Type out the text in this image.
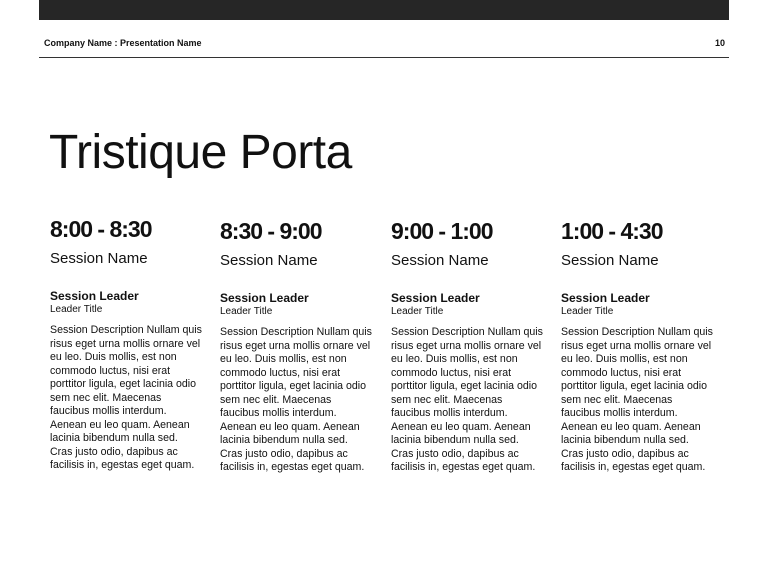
Company Name : Presentation Name	10
Tristique Porta
8:00 - 8:30
Session Name
Session Leader
Leader Title
Session Description Nullam quis risus eget urna mollis ornare vel eu leo. Duis mollis, est non commodo luctus, nisi erat porttitor ligula, eget lacinia odio sem nec elit. Maecenas faucibus mollis interdum. Aenean eu leo quam. Aenean lacinia bibendum nulla sed. Cras justo odio, dapibus ac facilisis in, egestas eget quam.
8:30 - 9:00
Session Name
Session Leader
Leader Title
Session Description Nullam quis risus eget urna mollis ornare vel eu leo. Duis mollis, est non commodo luctus, nisi erat porttitor ligula, eget lacinia odio sem nec elit. Maecenas faucibus mollis interdum. Aenean eu leo quam. Aenean lacinia bibendum nulla sed. Cras justo odio, dapibus ac facilisis in, egestas eget quam.
9:00 - 1:00
Session Name
Session Leader
Leader Title
Session Description Nullam quis risus eget urna mollis ornare vel eu leo. Duis mollis, est non commodo luctus, nisi erat porttitor ligula, eget lacinia odio sem nec elit. Maecenas faucibus mollis interdum. Aenean eu leo quam. Aenean lacinia bibendum nulla sed. Cras justo odio, dapibus ac facilisis in, egestas eget quam.
1:00 - 4:30
Session Name
Session Leader
Leader Title
Session Description Nullam quis risus eget urna mollis ornare vel eu leo. Duis mollis, est non commodo luctus, nisi erat porttitor ligula, eget lacinia odio sem nec elit. Maecenas faucibus mollis interdum. Aenean eu leo quam. Aenean lacinia bibendum nulla sed. Cras justo odio, dapibus ac facilisis in, egestas eget quam.
